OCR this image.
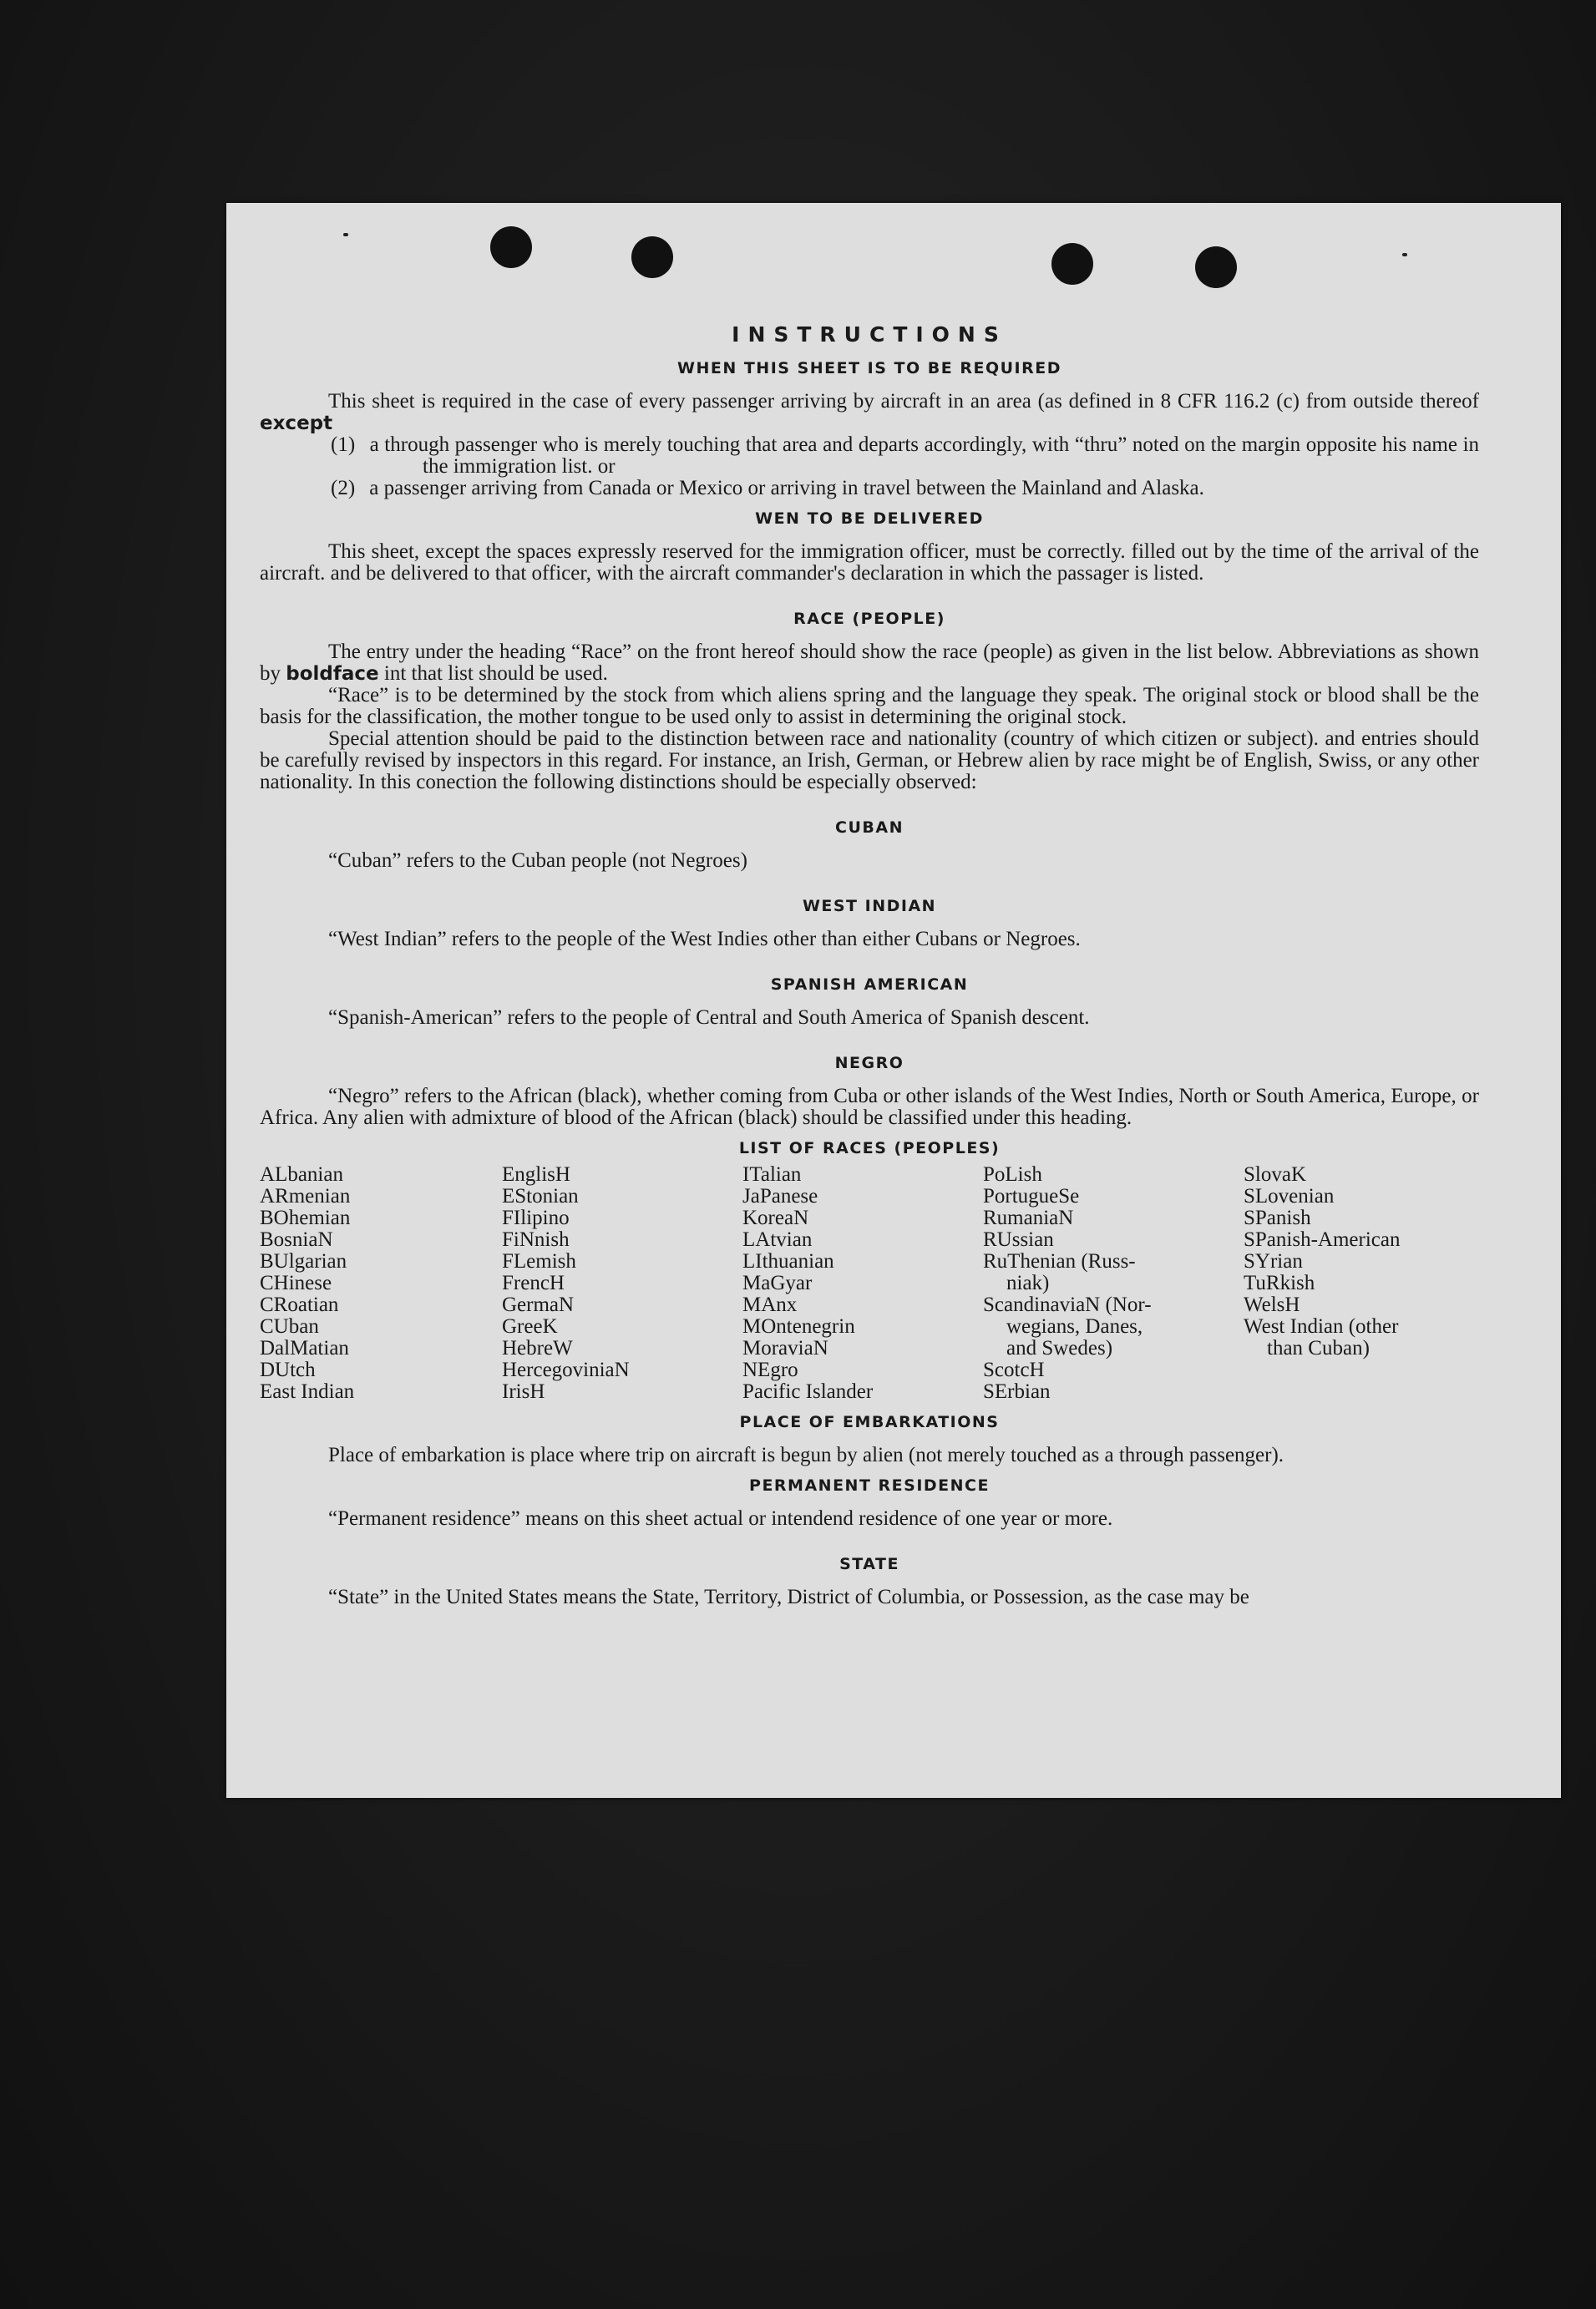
INSTRUCTIONS
WHEN THIS SHEET IS TO BE REQUIRED

This sheet is required in the case of every passenger arriving by aircraft in an area (as defined in 8 CFR 116.2 (c) from outside thereof except

(1) a through passenger who is merely touching that area and departs accordingly, with “thru” noted on the margin opposite his name in the immigration list. or

(2) a passenger arriving from Canada or Mexico or arriving in travel between the Mainland and Alaska.

WEN TO BE DELIVERED

This sheet, except the spaces expressly reserved for the immigration officer, must be correctly. filled out by the time of the arrival of the aircraft. and be delivered to that officer, with the aircraft commander's declaration in which the passager is listed.

RACE (PEOPLE)

The entry under the heading “Race” on the front hereof should show the race (people) as given in the list below. Abbreviations as shown by boldface int that list should be used.

“Race” is to be determined by the stock from which aliens spring and the language they speak. The original stock or blood shall be the basis for the classification, the mother tongue to be used only to assist in determining the original stock.

Special attention should be paid to the distinction between race and nationality (country of which citizen or subject). and entries should be carefully revised by inspectors in this regard. For instance, an Irish, German, or Hebrew alien by race might be of English, Swiss, or any other nationality. In this conection the following distinctions should be especially observed:

CUBAN

“Cuban” refers to the Cuban people (not Negroes)

WEST INDIAN

“West Indian” refers to the people of the West Indies other than either Cubans or Negroes.

SPANISH AMERICAN

“Spanish-American” refers to the people of Central and South America of Spanish descent.

NEGRO

“Negro” refers to the African (black), whether coming from Cuba or other islands of the West Indies, North or South America, Europe, or Africa. Any alien with admixture of blood of the African (black) should be classified under this heading.

LIST OF RACES (PEOPLES)
ALbanian
ARmenian
BOhemian
BosniaN
BUlgarian
CHinese
CRoatian
CUban
DalMatian
DUtch
East Indian
EnglisH
EStonian
FIlipino
FiNnish
FLemish
FrencH
GermaN
GreeK
HebreW
HercegoviniaN
IrisH
ITalian
JaPanese
KoreaN
LAtvian
LIthuanian
MaGyar
MAnx
MOntenegrin
MoraviaN
NEgro
Pacific Islander
PoLish
PortugueSe
RumaniaN
RUssian
RuThenian (Russ-
niak)
ScandinaviaN (Nor-
wegians, Danes,
and Swedes)
ScotcH
SErbian
SlovaK
SLovenian
SPanish
SPanish-American
SYrian
TuRkish
WelsH
West Indian (other
than Cuban)
PLACE OF EMBARKATIONS

Place of embarkation is place where trip on aircraft is begun by alien (not merely touched as a through passenger).

PERMANENT RESIDENCE

“Permanent residence” means on this sheet actual or intendend residence of one year or more.

STATE

“State” in the United States means the State, Territory, District of Columbia, or Possession, as the case may be
